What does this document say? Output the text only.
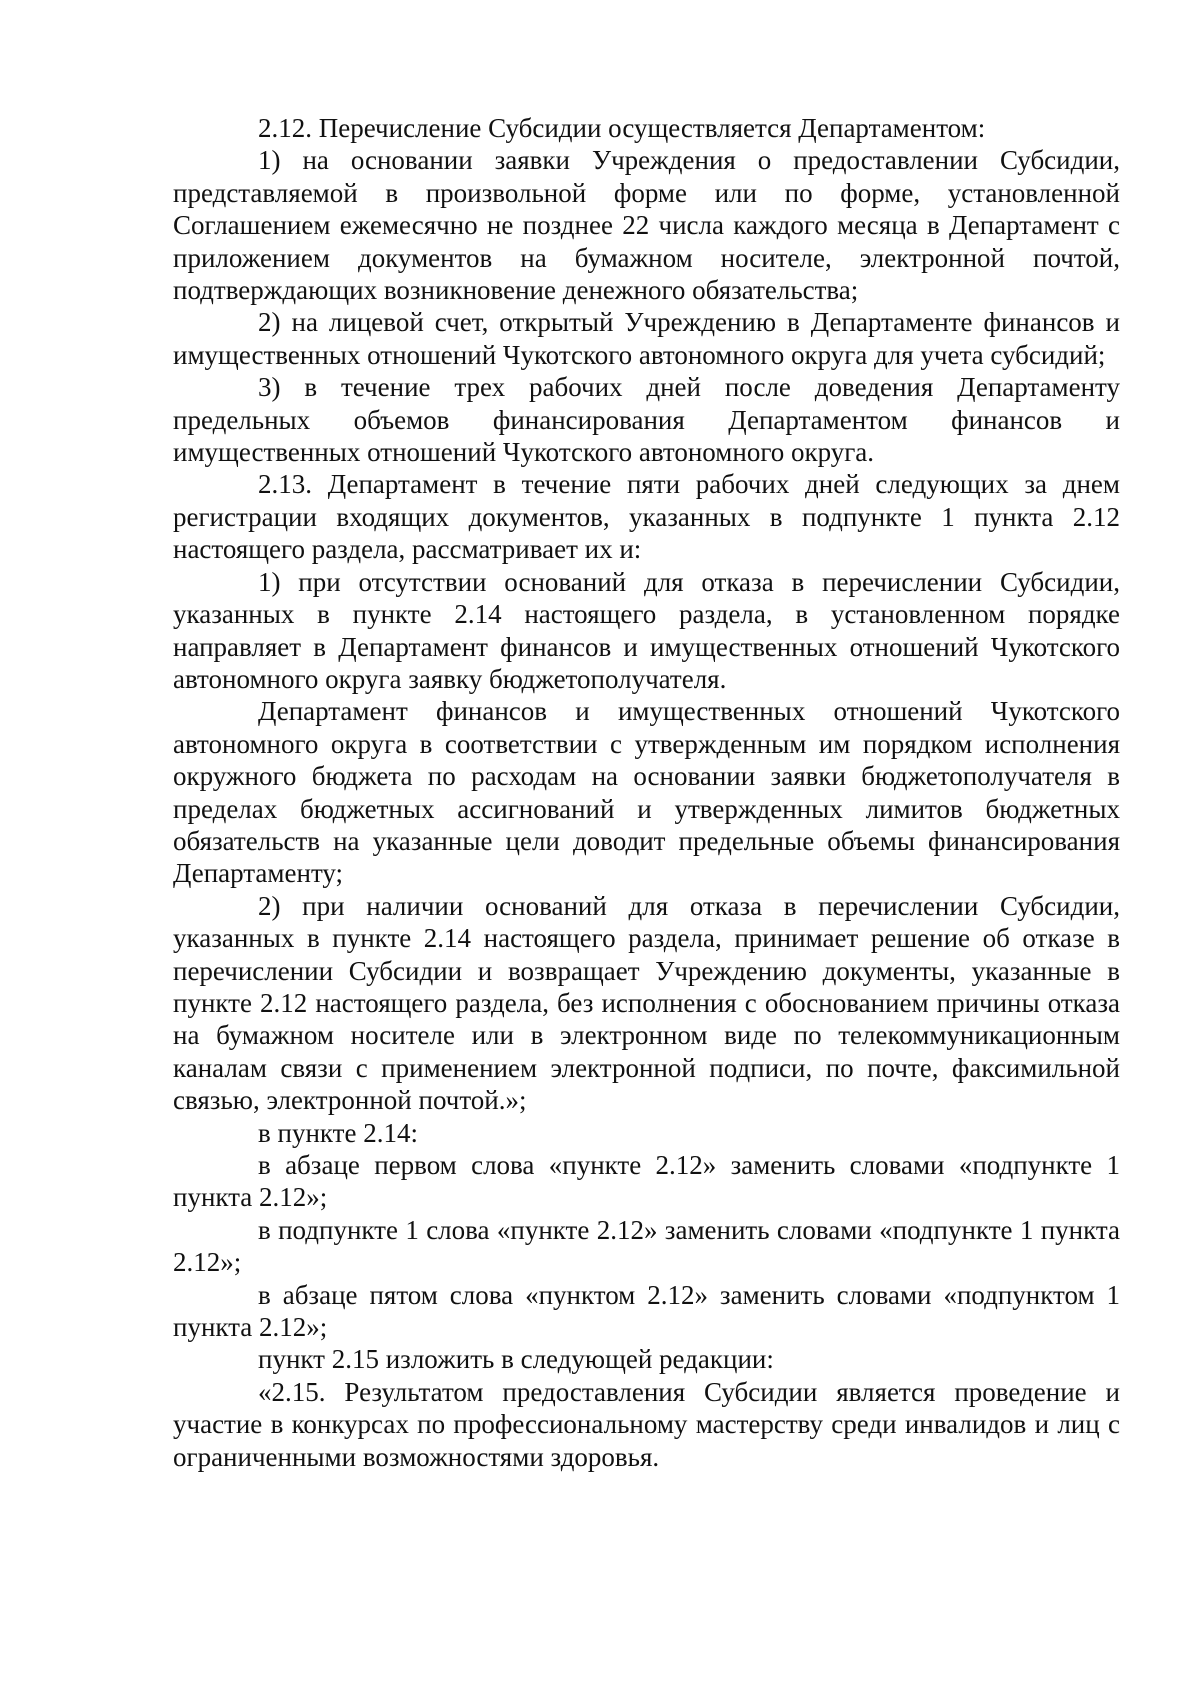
2.12. Перечисление Субсидии осуществляется Департаментом:

1) на основании заявки Учреждения о предоставлении Субсидии, представляемой в произвольной форме или по форме, установленной Соглашением ежемесячно не позднее 22 числа каждого месяца в Департамент с приложением документов на бумажном носителе, электронной почтой, подтверждающих возникновение денежного обязательства;

2) на лицевой счет, открытый Учреждению в Департаменте финансов и имущественных отношений Чукотского автономного округа для учета субсидий;

3) в течение трех рабочих дней после доведения Департаменту предельных объемов финансирования Департаментом финансов и имущественных отношений Чукотского автономного округа.

2.13. Департамент в течение пяти рабочих дней следующих за днем регистрации входящих документов, указанных в подпункте 1 пункта 2.12 настоящего раздела, рассматривает их и:

1) при отсутствии оснований для отказа в перечислении Субсидии, указанных в пункте 2.14 настоящего раздела, в установленном порядке направляет в Департамент финансов и имущественных отношений Чукотского автономного округа заявку бюджетополучателя.

Департамент финансов и имущественных отношений Чукотского автономного округа в соответствии с утвержденным им порядком исполнения окружного бюджета по расходам на основании заявки бюджетополучателя в пределах бюджетных ассигнований и утвержденных лимитов бюджетных обязательств на указанные цели доводит предельные объемы финансирования Департаменту;

2) при наличии оснований для отказа в перечислении Субсидии, указанных в пункте 2.14 настоящего раздела, принимает решение об отказе в перечислении Субсидии и возвращает Учреждению документы, указанные в пункте 2.12 настоящего раздела, без исполнения с обоснованием причины отказа на бумажном носителе или в электронном виде по телекоммуникационным каналам связи с применением электронной подписи, по почте, факсимильной связью, электронной почтой.»;

в пункте 2.14:

в абзаце первом слова «пункте 2.12» заменить словами «подпункте 1 пункта 2.12»;

в подпункте 1 слова «пункте 2.12» заменить словами «подпункте 1 пункта 2.12»;

в абзаце пятом слова «пунктом 2.12» заменить словами «подпунктом 1 пункта 2.12»;

пункт 2.15 изложить в следующей редакции:

«2.15. Результатом предоставления Субсидии является проведение и участие в конкурсах по профессиональному мастерству среди инвалидов и лиц с ограниченными возможностями здоровья.
